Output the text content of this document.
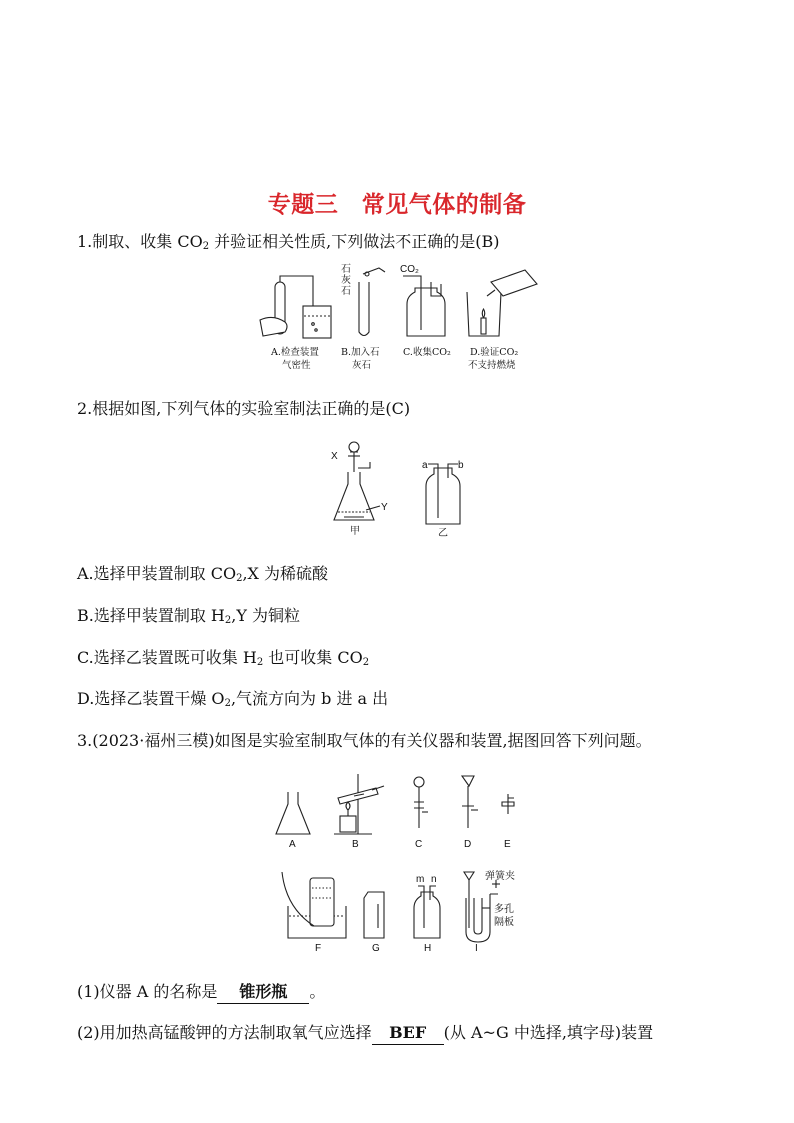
专题三　常见气体的制备
1.制取、收集 $CO_2$ 并验证相关性质,下列做法不正确的是(B)
A.检查装置
气密性
石
灰
石
B.加入石
灰石
CO₂
C.收集CO₂ D.验证CO₂
不支持燃烧
2.根据如图,下列气体的实验室制法正确的是(C)
X
Y
甲
a	b
乙
A.选择甲装置制取 $CO_2,X$ 为稀硫酸
B.选择甲装置制取 $H_2,Y$ 为铜粒
C.选择乙装置既可收集 $H_2$ 也可收集 $CO_2$
D.选择乙装置干燥 $O_2$,气流方向为 b 进 a 出
3.(2023·福州三模)如图是实验室制取气体的有关仪器和装置,据图回答下列问题。
A	B	C	D	E
F	G
m n
H
弹簧夹
多孔
隔板
I
(1)仪器 A 的名称是 锥形瓶 。
(2)用加热高锰酸钾的方法制取氧气应选择 BEF (从 A~G 中选择,填字母)装置
